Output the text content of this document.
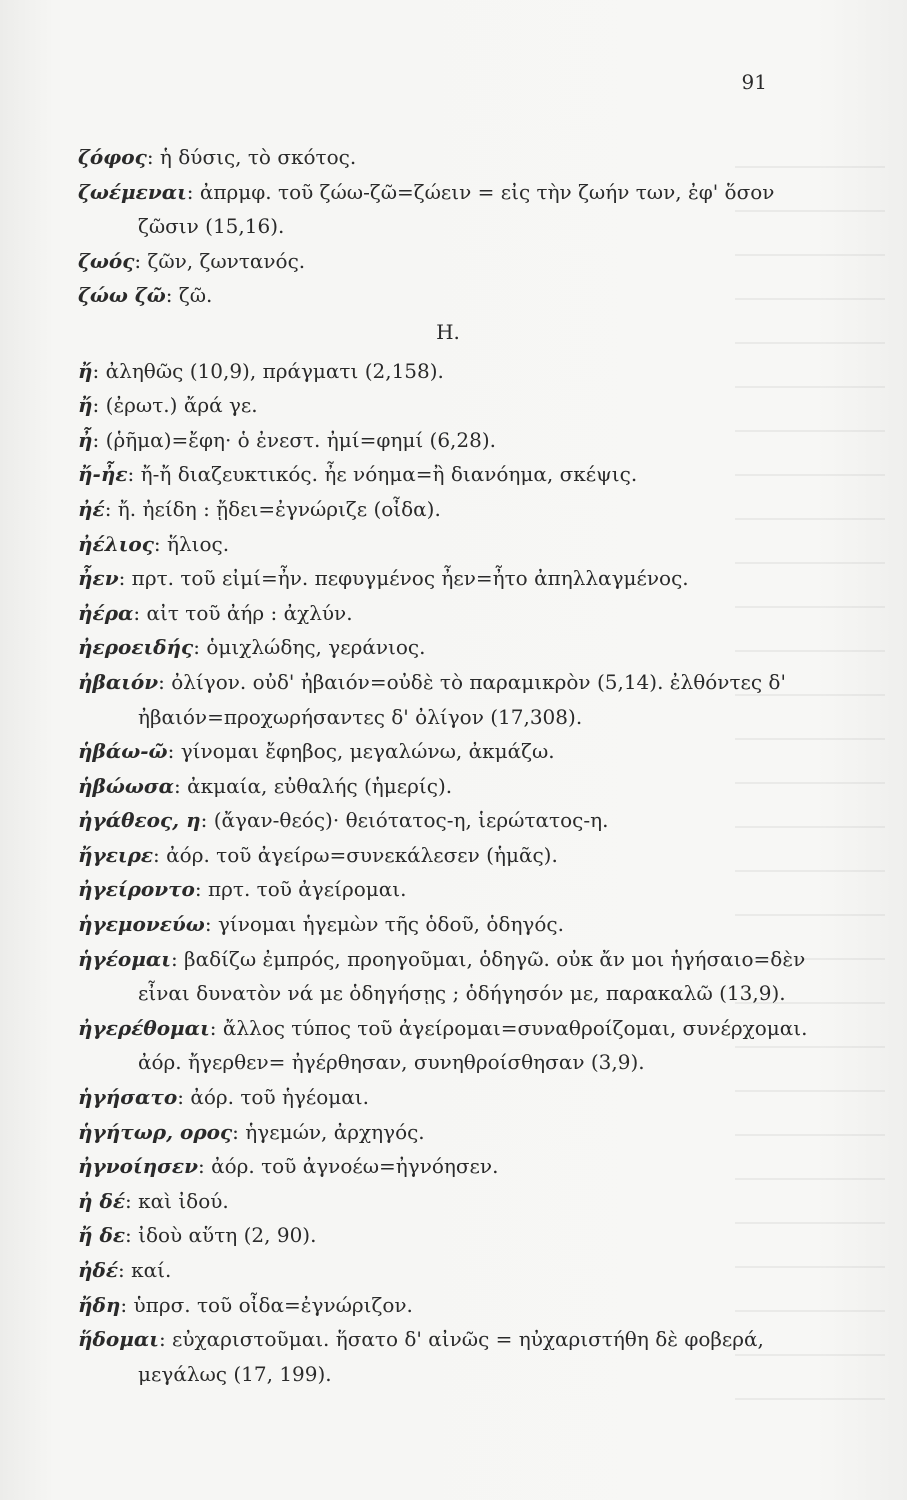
91

ζόφος: ἡ δύσις, τὸ σκότος.

ζωέμεναι: ἀπρμφ. τοῦ ζώω-ζῶ=ζώειν = εἰς τὴν ζωήν των, ἐφ' ὅσον ζῶσιν (15,16).

ζωός: ζῶν, ζωντανός.

ζώω ζῶ: ζῶ.

Η.

ἤ: ἀληθῶς (10,9), πράγματι (2,158).

ἤ: (ἐρωτ.) ἄρά γε.

ἦ: (ῥῆμα)=ἔφη· ὁ ἐνεστ. ἠμί=φημί (6,28).

ἤ-ἦε: ἤ-ἤ διαζευκτικός. ἦε νόημα=ἢ διανόημα, σκέψις.

ἠέ: ἤ. ἠείδη : ᾔδει=ἐγνώριζε (οἶδα).

ἠέλιος: ἥλιος.

ἦεν: πρτ. τοῦ εἰμί=ἦν. πεφυγμένος ἦεν=ἦτο ἀπηλλαγμένος.

ἠέρα: αἰτ τοῦ ἀήρ : ἀχλύν.

ἠεροειδής: ὁμιχλώδης, γεράνιος.

ἠβαιόν: ὀλίγον. οὐδ' ἠβαιόν=οὐδὲ τὸ παραμικρὸν (5,14). ἐλθόντες δ' ἠβαιόν=προχωρήσαντες δ' ὀλίγον (17,308).

ἡβάω-ῶ: γίνομαι ἔφηβος, μεγαλώνω, ἀκμάζω.

ἡβώωσα: ἀκμαία, εὐθαλής (ἡμερίς).

ἠγάθεος, η: (ἄγαν-θεός)· θειότατος-η, ἱερώτατος-η.

ἤγειρε: ἀόρ. τοῦ ἀγείρω=συνεκάλεσεν (ἡμᾶς).

ἠγείροντο: πρτ. τοῦ ἀγείρομαι.

ἡγεμονεύω: γίνομαι ἡγεμὼν τῆς ὁδοῦ, ὁδηγός.

ἡγέομαι: βαδίζω ἐμπρός, προηγοῦμαι, ὁδηγῶ. οὐκ ἄν μοι ἡγήσαιο=δὲν εἶναι δυνατὸν νά με ὁδηγήσῃς ; ὁδήγησόν με, παρακαλῶ (13,9).

ἠγερέθομαι: ἄλλος τύπος τοῦ ἀγείρομαι=συναθροίζομαι, συνέρχομαι. ἀόρ. ἤγερθεν= ἠγέρθησαν, συνηθροίσθησαν (3,9).

ἡγήσατο: ἀόρ. τοῦ ἡγέομαι.

ἡγήτωρ, ορος: ἡγεμών, ἀρχηγός.

ἠγνοίησεν: ἀόρ. τοῦ ἀγνοέω=ἠγνόησεν.

ἠ δέ: καὶ ἰδού.

ἤ δε: ἰδοὺ αὕτη (2, 90).

ἠδέ: καί.

ἤδη: ὑπρσ. τοῦ οἶδα=ἐγνώριζον.

ἥδομαι: εὐχαριστοῦμαι. ἥσατο δ' αἰνῶς = ηὐχαριστήθη δὲ φοβερά, μεγάλως (17, 199).
